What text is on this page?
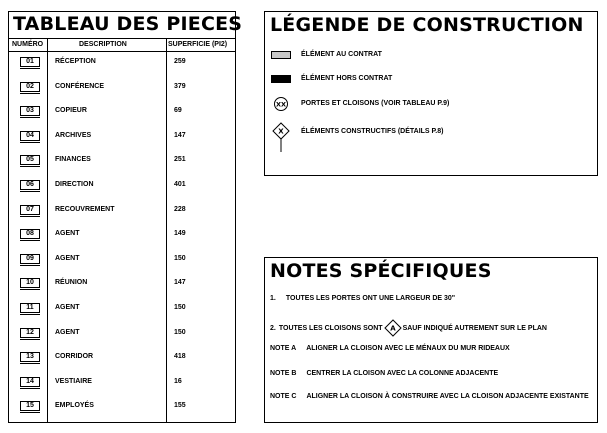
TABLEAU DES PIECES
NUMÉRO	DESCRIPTION	SUPERFICIE (PI2)
01	RÉCEPTION	259
02	CONFÉRENCE	379
03	COPIEUR	69
04	ARCHIVES	147
05	FINANCES	251
06	DIRECTION	401
07	RECOUVREMENT	228
08	AGENT	149
09	AGENT	150
10	RÉUNION	147
11	AGENT	150
12	AGENT	150
13	CORRIDOR	418
14	VESTIAIRE	16
15	EMPLOYÉS	155
LÉGENDE DE CONSTRUCTION
ÉLÉMENT AU CONTRAT
ÉLÉMENT HORS CONTRAT
XX PORTES ET CLOISONS (VOIR TABLEAU P.9)
X ÉLÉMENTS CONSTRUCTIFS (DÉTAILS P.8)
NOTES SPÉCIFIQUES
1. TOUTES LES PORTES ONT UNE LARGEUR DE 30"
2. TOUTES LES CLOISONS SONT A SAUF INDIQUÉ AUTREMENT SUR LE PLAN
NOTE A ALIGNER LA CLOISON AVEC LE MÉNAUX DU MUR RIDEAUX
NOTE B CENTRER LA CLOISON AVEC LA COLONNE ADJACENTE
NOTE C ALIGNER LA CLOISON À CONSTRUIRE AVEC LA CLOISON ADJACENTE EXISTANTE
